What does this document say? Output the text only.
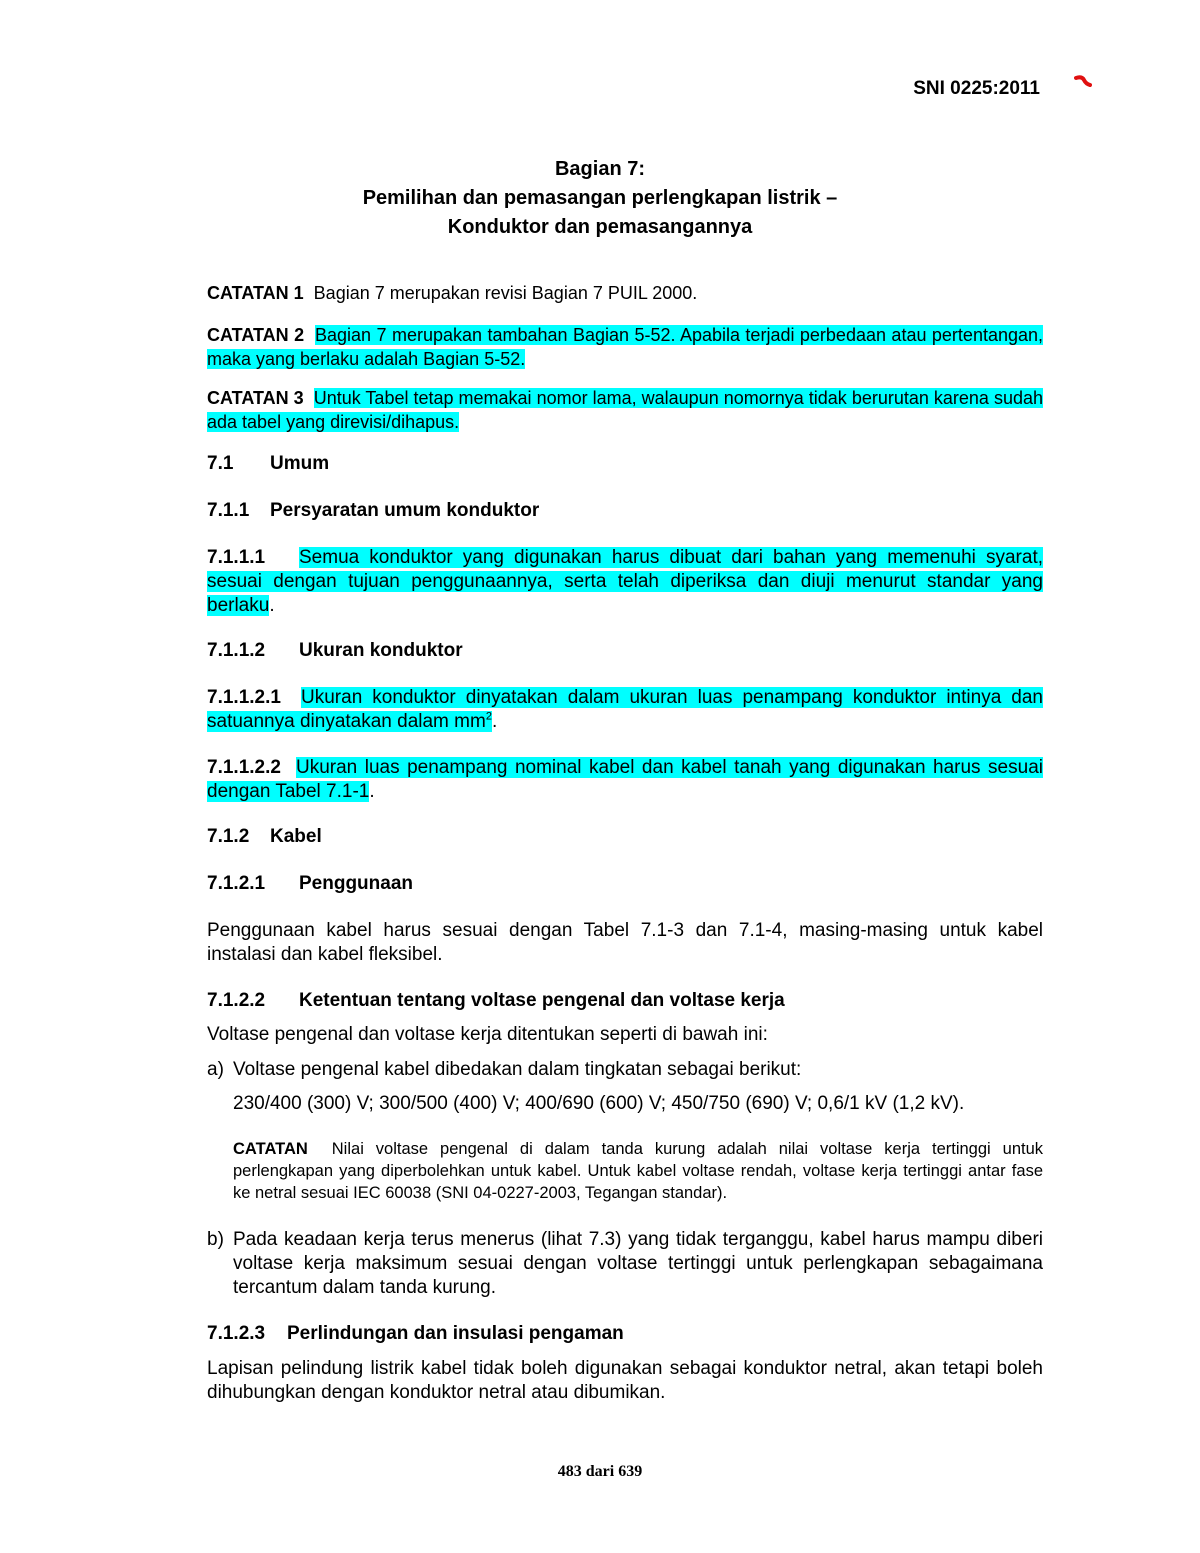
SNI 0225:2011
Bagian 7:
Pemilihan dan pemasangan perlengkapan listrik –
Konduktor dan pemasangannya
CATATAN 1 Bagian 7 merupakan revisi Bagian 7 PUIL 2000.
CATATAN 2 Bagian 7 merupakan tambahan Bagian 5-52. Apabila terjadi perbedaan atau pertentangan, maka yang berlaku adalah Bagian 5-52.
CATATAN 3 Untuk Tabel tetap memakai nomor lama, walaupun nomornya tidak berurutan karena sudah ada tabel yang direvisi/dihapus.
7.1 Umum
7.1.1 Persyaratan umum konduktor
7.1.1.1 Semua konduktor yang digunakan harus dibuat dari bahan yang memenuhi syarat, sesuai dengan tujuan penggunaannya, serta telah diperiksa dan diuji menurut standar yang berlaku.
7.1.1.2 Ukuran konduktor
7.1.1.2.1 Ukuran konduktor dinyatakan dalam ukuran luas penampang konduktor intinya dan satuannya dinyatakan dalam $mm^2$.
7.1.1.2.2 Ukuran luas penampang nominal kabel dan kabel tanah yang digunakan harus sesuai dengan Tabel 7.1-1.
7.1.2 Kabel
7.1.2.1 Penggunaan
Penggunaan kabel harus sesuai dengan Tabel 7.1-3 dan 7.1-4, masing-masing untuk kabel instalasi dan kabel fleksibel.
7.1.2.2 Ketentuan tentang voltase pengenal dan voltase kerja
Voltase pengenal dan voltase kerja ditentukan seperti di bawah ini:
a) Voltase pengenal kabel dibedakan dalam tingkatan sebagai berikut:
230/400 (300) V; 300/500 (400) V; 400/690 (600) V; 450/750 (690) V; 0,6/1 kV (1,2 kV).
CATATAN Nilai voltase pengenal di dalam tanda kurung adalah nilai voltase kerja tertinggi untuk perlengkapan yang diperbolehkan untuk kabel. Untuk kabel voltase rendah, voltase kerja tertinggi antar fase ke netral sesuai IEC 60038 (SNI 04-0227-2003, Tegangan standar).
b) Pada keadaan kerja terus menerus (lihat 7.3) yang tidak terganggu, kabel harus mampu diberi voltase kerja maksimum sesuai dengan voltase tertinggi untuk perlengkapan sebagaimana tercantum dalam tanda kurung.
7.1.2.3 Perlindungan dan insulasi pengaman
Lapisan pelindung listrik kabel tidak boleh digunakan sebagai konduktor netral, akan tetapi boleh dihubungkan dengan konduktor netral atau dibumikan.
483 dari 639
